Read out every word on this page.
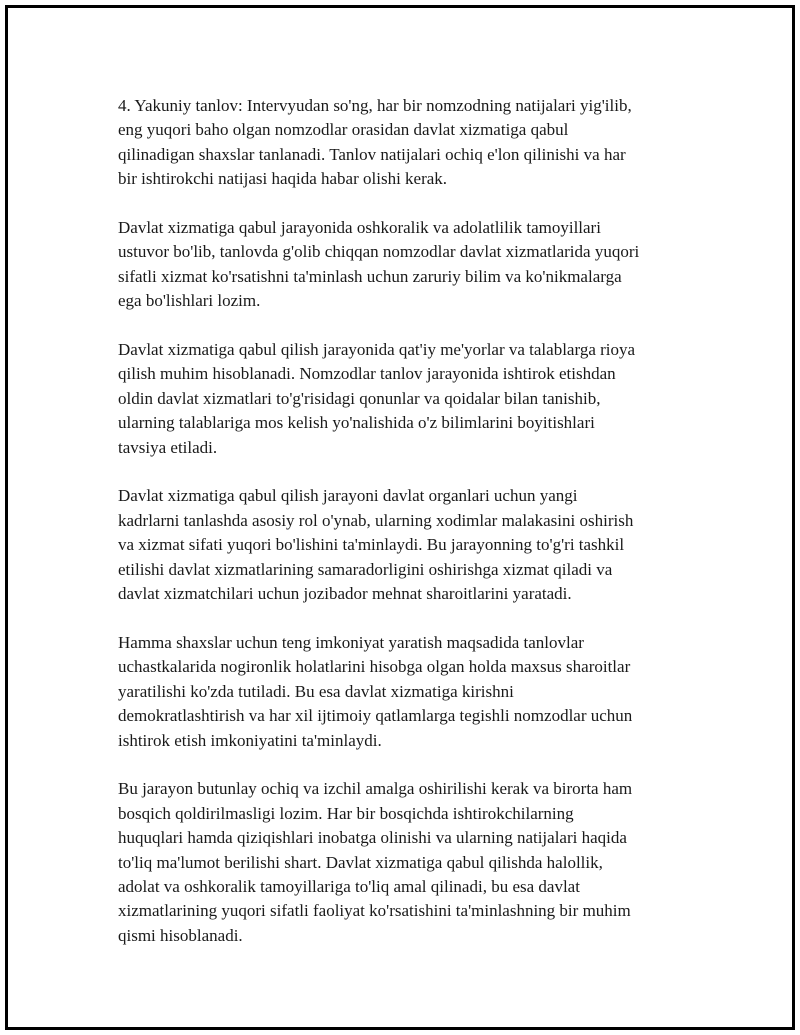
4. Yakuniy tanlov: Intervyudan so'ng, har bir nomzodning natijalari yig'ilib,
eng yuqori baho olgan nomzodlar orasidan davlat xizmatiga qabul
qilinadigan shaxslar tanlanadi. Tanlov natijalari ochiq e'lon qilinishi va har
bir ishtirokchi natijasi haqida habar olishi kerak.

Davlat xizmatiga qabul jarayonida oshkoralik va adolatlilik tamoyillari
ustuvor bo'lib, tanlovda g'olib chiqqan nomzodlar davlat xizmatlarida yuqori
sifatli xizmat ko'rsatishni ta'minlash uchun zaruriy bilim va ko'nikmalarga
ega bo'lishlari lozim.

Davlat xizmatiga qabul qilish jarayonida qat'iy me'yorlar va talablarga rioya
qilish muhim hisoblanadi. Nomzodlar tanlov jarayonida ishtirok etishdan
oldin davlat xizmatlari to'g'risidagi qonunlar va qoidalar bilan tanishib,
ularning talablariga mos kelish yo'nalishida o'z bilimlarini boyitishlari
tavsiya etiladi.

Davlat xizmatiga qabul qilish jarayoni davlat organlari uchun yangi
kadrlarni tanlashda asosiy rol o'ynab, ularning xodimlar malakasini oshirish
va xizmat sifati yuqori bo'lishini ta'minlaydi. Bu jarayonning to'g'ri tashkil
etilishi davlat xizmatlarining samaradorligini oshirishga xizmat qiladi va
davlat xizmatchilari uchun jozibador mehnat sharoitlarini yaratadi.

Hamma shaxslar uchun teng imkoniyat yaratish maqsadida tanlovlar
uchastkalarida nogironlik holatlarini hisobga olgan holda maxsus sharoitlar
yaratilishi ko'zda tutiladi. Bu esa davlat xizmatiga kirishni
demokratlashtirish va har xil ijtimoiy qatlamlarga tegishli nomzodlar uchun
ishtirok etish imkoniyatini ta'minlaydi.

Bu jarayon butunlay ochiq va izchil amalga oshirilishi kerak va birorta ham
bosqich qoldirilmasligi lozim. Har bir bosqichda ishtirokchilarning
huquqlari hamda qiziqishlari inobatga olinishi va ularning natijalari haqida
to'liq ma'lumot berilishi shart. Davlat xizmatiga qabul qilishda halollik,
adolat va oshkoralik tamoyillariga to'liq amal qilinadi, bu esa davlat
xizmatlarining yuqori sifatli faoliyat ko'rsatishini ta'minlashning bir muhim
qismi hisoblanadi.
